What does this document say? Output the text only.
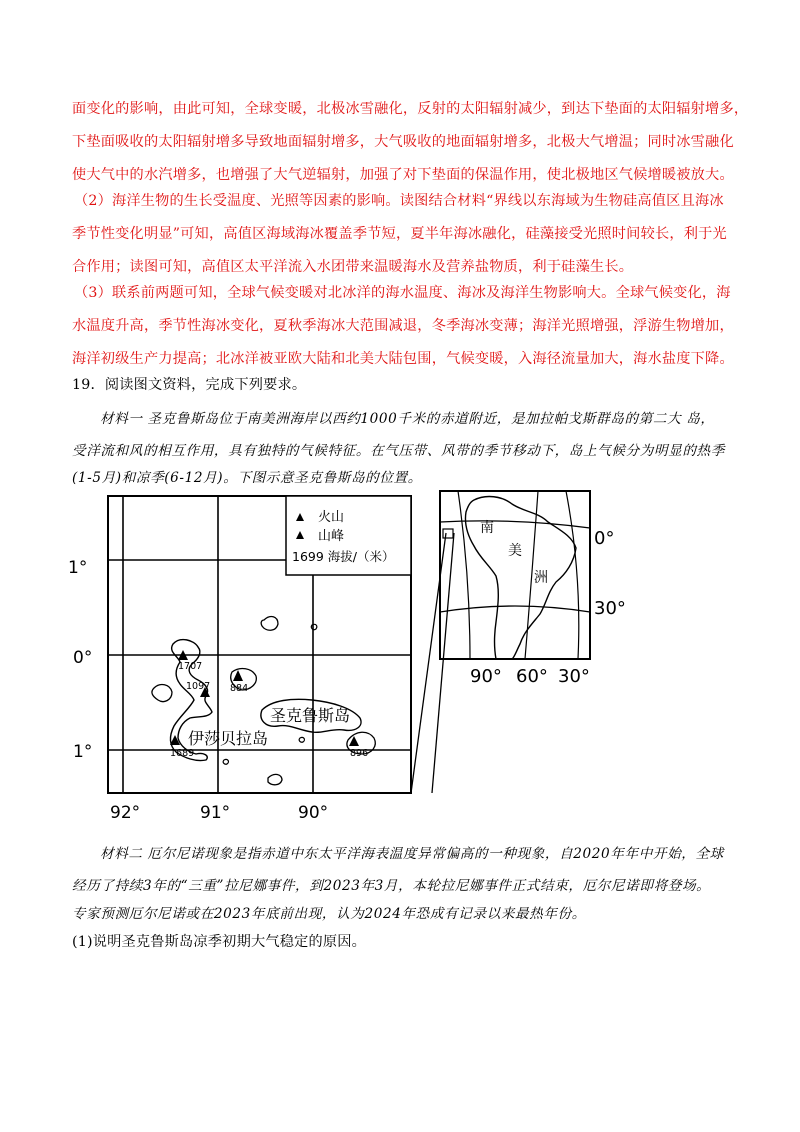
面变化的影响，由此可知，全球变暖，北极冰雪融化，反射的太阳辐射减少，到达下垫面的太阳辐射增多，
下垫面吸收的太阳辐射增多导致地面辐射增多，大气吸收的地面辐射增多，北极大气增温；同时冰雪融化
使大气中的水汽增多，也增强了大气逆辐射，加强了对下垫面的保温作用，使北极地区气候增暖被放大。
（2）海洋生物的生长受温度、光照等因素的影响。读图结合材料“界线以东海域为生物硅高值区且海冰
季节性变化明显”可知，高值区海域海冰覆盖季节短，夏半年海冰融化，硅藻接受光照时间较长，利于光
合作用；读图可知，高值区太平洋流入水团带来温暖海水及营养盐物质，利于硅藻生长。
（3）联系前两题可知，全球气候变暖对北冰洋的海水温度、海冰及海洋生物影响大。全球气候变化，海
水温度升高，季节性海冰变化，夏秋季海冰大范围减退，冬季海冰变薄；海洋光照增强，浮游生物增加，
海洋初级生产力提高；北冰洋被亚欧大陆和北美大陆包围，气候变暖，入海径流量加大，海水盐度下降。
19．阅读图文资料，完成下列要求。
材料一 圣克鲁斯岛位于南美洲海岸以西约1000千米的赤道附近，是加拉帕戈斯群岛的第二大 岛，
受洋流和风的相互作用，具有独特的气候特征。在气压带、风带的季节移动下，岛上气候分为明显的热季
(1-5月)和凉季(6-12月)。下图示意圣克鲁斯岛的位置。
火山
山峰
1699 海拔/（米）
1°
0°
1°
92°	91°	90°
圣克鲁斯岛
伊莎贝拉岛
1707
1097 884
1689	896
南
美
洲
0°
30°
90° 60° 30°
材料二 厄尔尼诺现象是指赤道中东太平洋海表温度异常偏高的一种现象，自2020年年中开始，全球
经历了持续3年的“三重”拉尼娜事件，到2023年3月，本轮拉尼娜事件正式结束，厄尔尼诺即将登场。
专家预测厄尔尼诺或在2023年底前出现，认为2024年恐成有记录以来最热年份。
(1)说明圣克鲁斯岛凉季初期大气稳定的原因。
